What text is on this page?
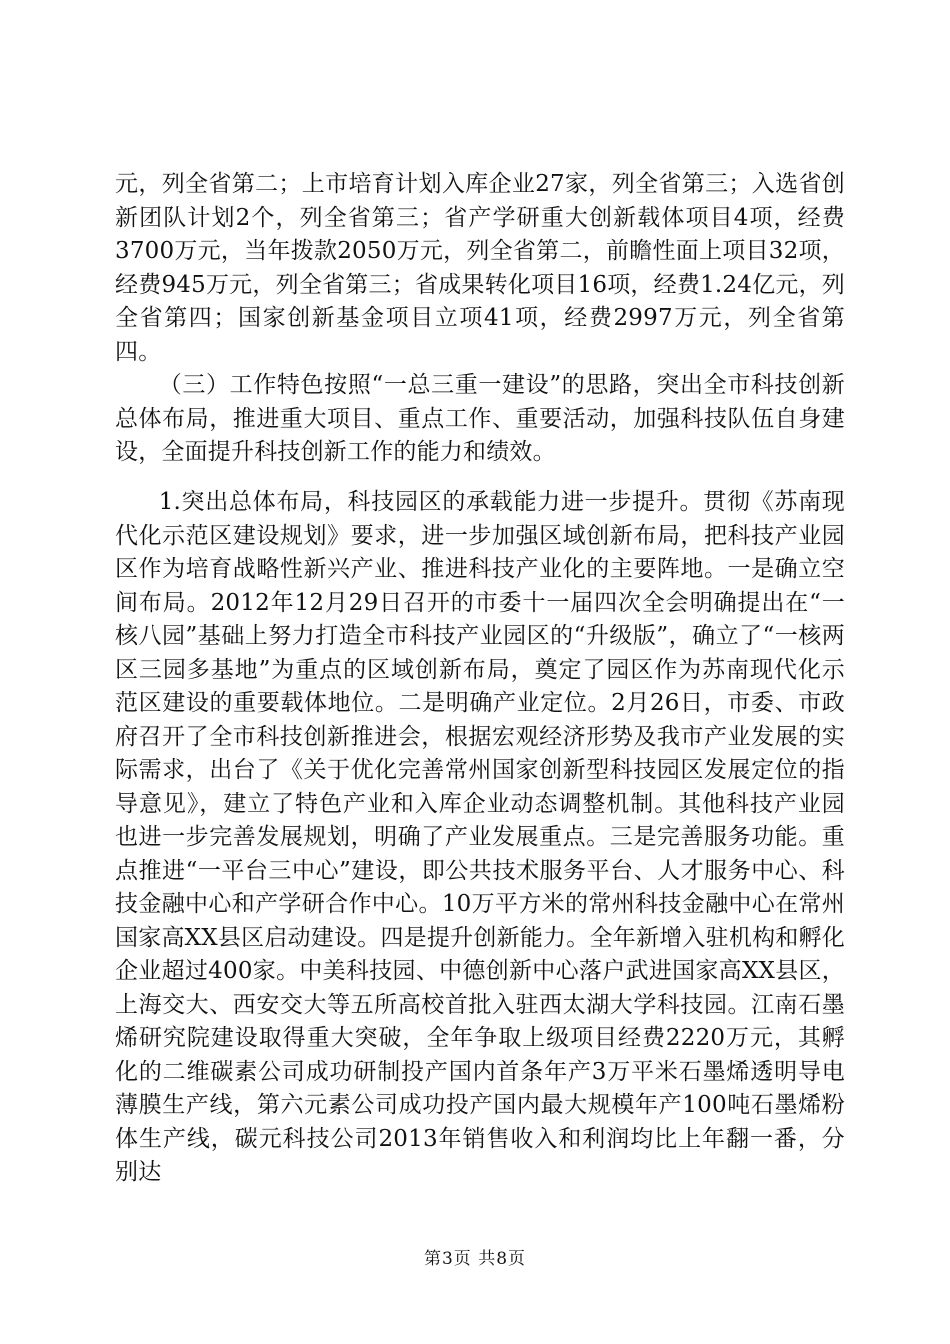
元，列全省第二；上市培育计划入库企业27家，列全省第三；入选省创新团队计划2个，列全省第三；省产学研重大创新载体项目4项，经费3700万元，当年拨款2050万元，列全省第二，前瞻性面上项目32项，经费945万元，列全省第三；省成果转化项目16项，经费1.24亿元，列全省第四；国家创新基金项目立项41项，经费2997万元，列全省第四。

（三）工作特色按照“一总三重一建设”的思路，突出全市科技创新总体布局，推进重大项目、重点工作、重要活动，加强科技队伍自身建设，全面提升科技创新工作的能力和绩效。

1.突出总体布局，科技园区的承载能力进一步提升。贯彻《苏南现代化示范区建设规划》要求，进一步加强区域创新布局，把科技产业园区作为培育战略性新兴产业、推进科技产业化的主要阵地。一是确立空间布局。2012年12月29日召开的市委十一届四次全会明确提出在“一核八园”基础上努力打造全市科技产业园区的“升级版”，确立了“一核两区三园多基地”为重点的区域创新布局，奠定了园区作为苏南现代化示范区建设的重要载体地位。二是明确产业定位。2月26日，市委、市政府召开了全市科技创新推进会，根据宏观经济形势及我市产业发展的实际需求，出台了《关于优化完善常州国家创新型科技园区发展定位的指导意见》，建立了特色产业和入库企业动态调整机制。其他科技产业园也进一步完善发展规划，明确了产业发展重点。三是完善服务功能。重点推进“一平台三中心”建设，即公共技术服务平台、人才服务中心、科技金融中心和产学研合作中心。10万平方米的常州科技金融中心在常州国家高XX县区启动建设。四是提升创新能力。全年新增入驻机构和孵化企业超过400家。中美科技园、中德创新中心落户武进国家高XX县区，上海交大、西安交大等五所高校首批入驻西太湖大学科技园。江南石墨烯研究院建设取得重大突破，全年争取上级项目经费2220万元，其孵化的二维碳素公司成功研制投产国内首条年产3万平米石墨烯透明导电薄膜生产线，第六元素公司成功投产国内最大规模年产100吨石墨烯粉体生产线，碳元科技公司2013年销售收入和利润均比上年翻一番，分别达

第3页 共8页
